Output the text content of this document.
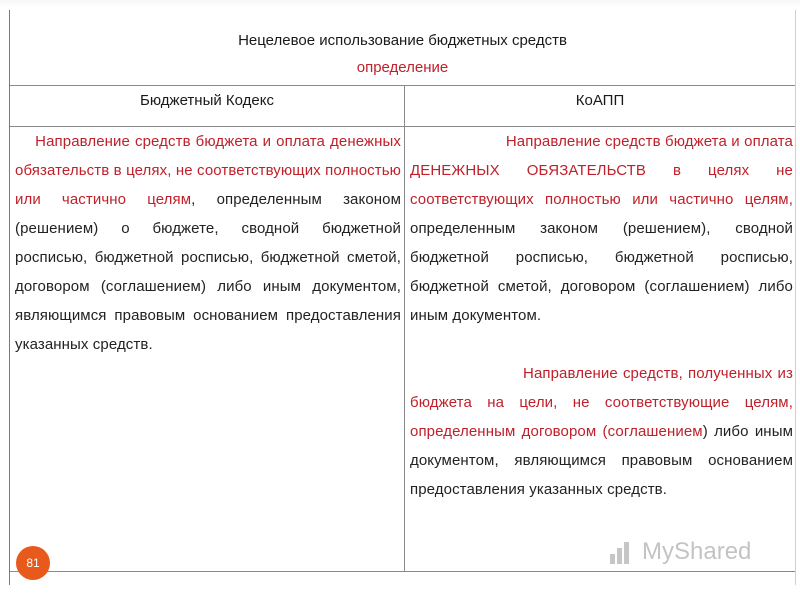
Нецелевое использование бюджетных средств
определение
Бюджетный Кодекс	КоАПП
Направление средств бюджета и оплата денежных обязательств в целях, не соответствующих полностью или частично целям, определенным законом (решением) о бюджете, сводной бюджетной росписью, бюджетной росписью, бюджетной сметой, договором (соглашением) либо иным документом, являющимся правовым основанием предоставления указанных средств.
Направление средств бюджета и оплата ДЕНЕЖНЫХ ОБЯЗАТЕЛЬСТВ в целях не соответствующих полностью или частично целям, определенным законом (решением), сводной бюджетной росписью, бюджетной росписью, бюджетной сметой, договором (соглашением) либо иным документом.
Направление средств, полученных из бюджета на цели, не соответствующие целям, определенным договором (соглашением) либо иным документом, являющимся правовым основанием предоставления указанных средств.
81	MyShared
